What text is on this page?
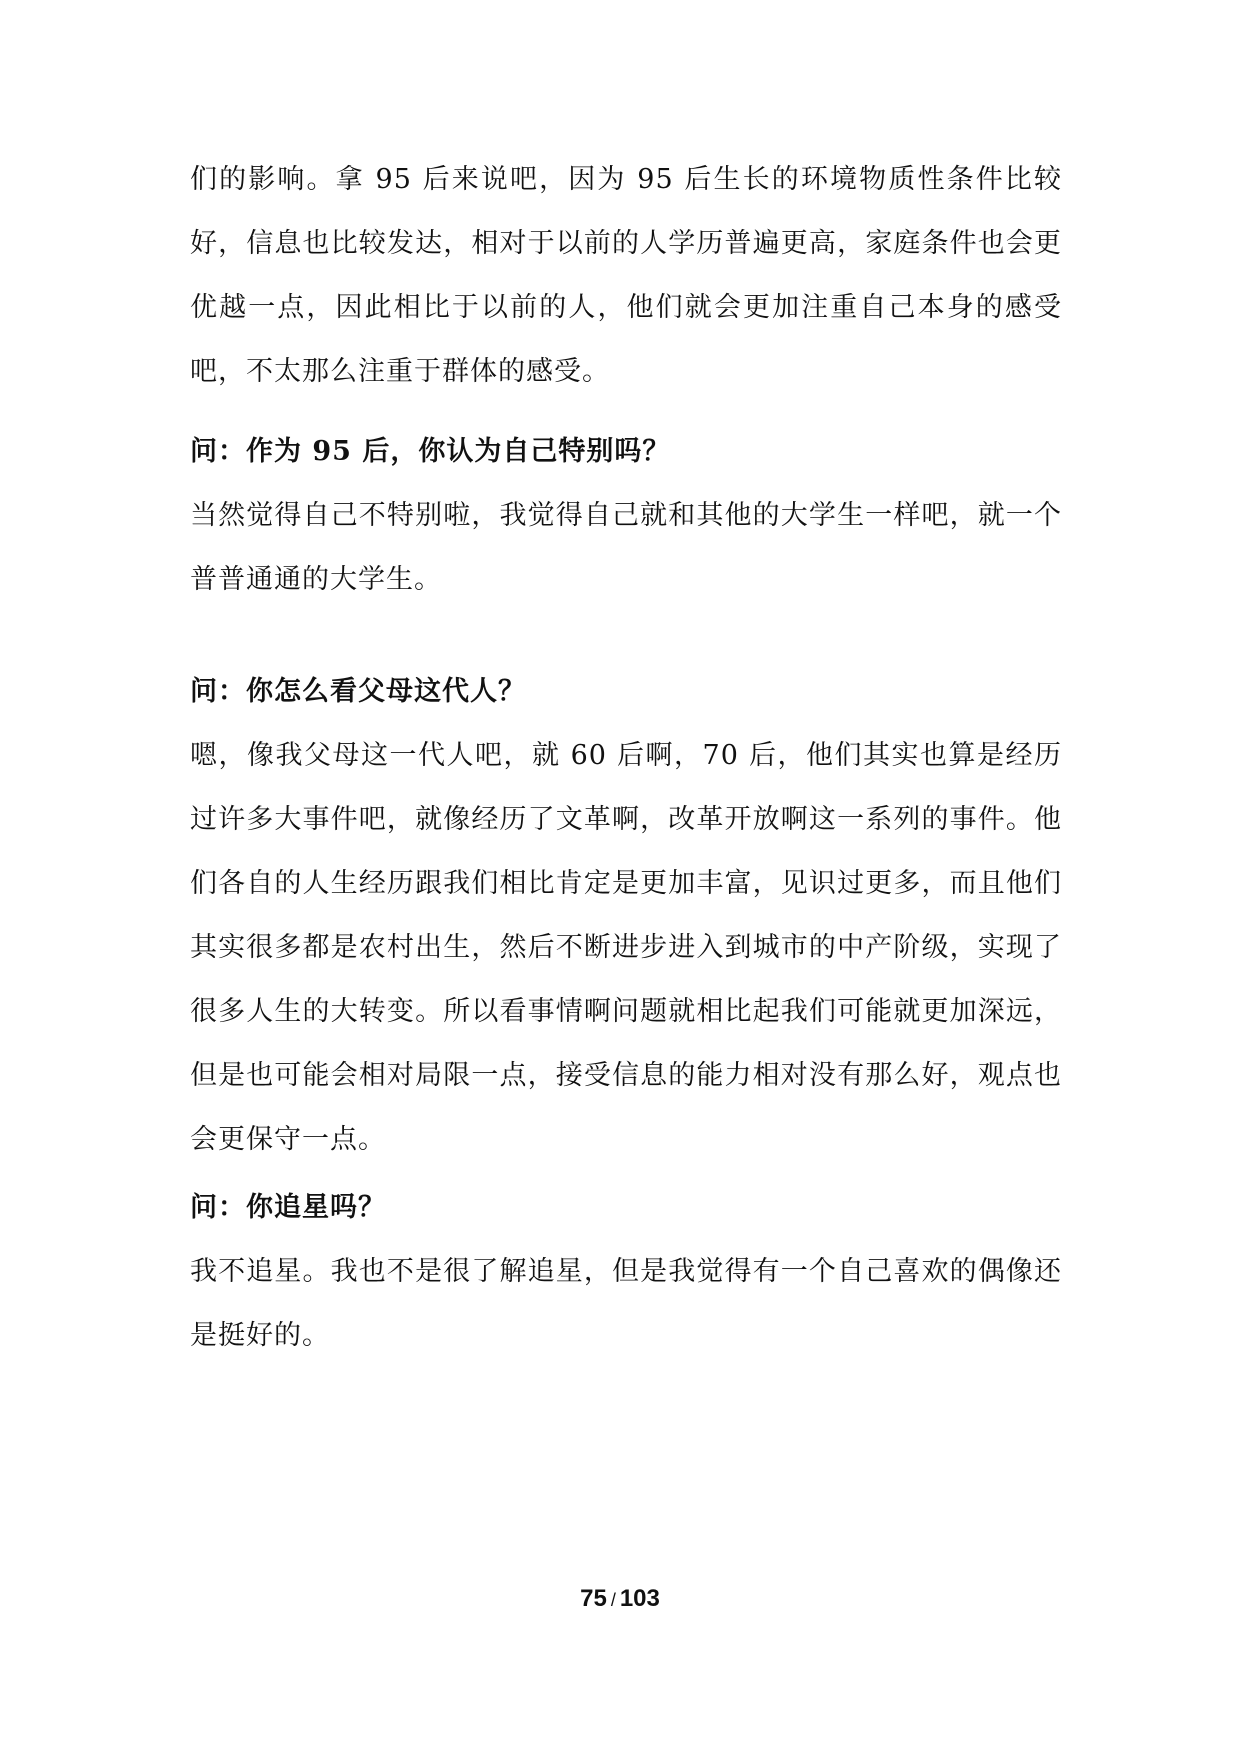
们的影响。拿 95 后来说吧，因为 95 后生长的环境物质性条件比较好，信息也比较发达，相对于以前的人学历普遍更高，家庭条件也会更优越一点，因此相比于以前的人，他们就会更加注重自己本身的感受吧，不太那么注重于群体的感受。

问：作为 95 后，你认为自己特别吗？

当然觉得自己不特别啦，我觉得自己就和其他的大学生一样吧，就一个普普通通的大学生。

问：你怎么看父母这代人？

嗯，像我父母这一代人吧，就 60 后啊，70 后，他们其实也算是经历过许多大事件吧，就像经历了文革啊，改革开放啊这一系列的事件。他们各自的人生经历跟我们相比肯定是更加丰富，见识过更多，而且他们其实很多都是农村出生，然后不断进步进入到城市的中产阶级，实现了很多人生的大转变。所以看事情啊问题就相比起我们可能就更加深远，但是也可能会相对局限一点，接受信息的能力相对没有那么好，观点也会更保守一点。

问：你追星吗？

我不追星。我也不是很了解追星，但是我觉得有一个自己喜欢的偶像还是挺好的。

75 / 103
